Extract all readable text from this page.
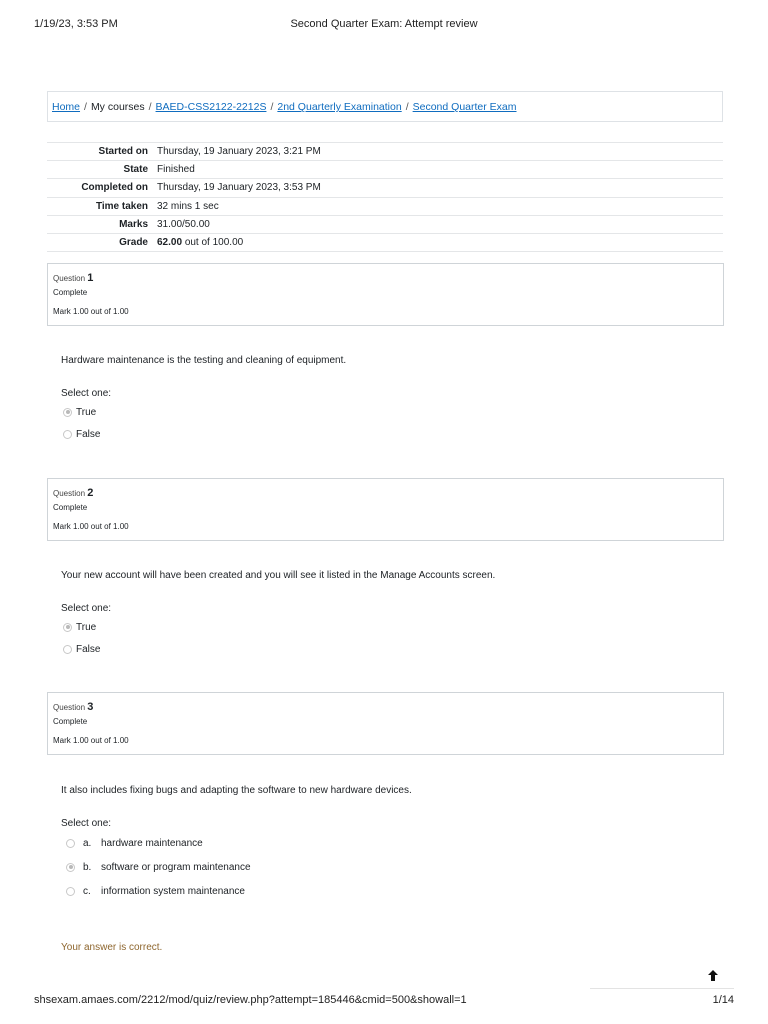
1/19/23, 3:53 PM	Second Quarter Exam: Attempt review
Home / My courses / BAED-CSS2122-2212S / 2nd Quarterly Examination / Second Quarter Exam
Started on	Thursday, 19 January 2023, 3:21 PM
State	Finished
Completed on	Thursday, 19 January 2023, 3:53 PM
Time taken	32 mins 1 sec
Marks	31.00/50.00
Grade	62.00 out of 100.00
Question 1
Complete
Mark 1.00 out of 1.00
Hardware maintenance is the testing and cleaning of equipment.
Select one:
True
False
Question 2
Complete
Mark 1.00 out of 1.00
Your new account will have been created and you will see it listed in the Manage Accounts screen.
Select one:
True
False
Question 3
Complete
Mark 1.00 out of 1.00
It also includes fixing bugs and adapting the software to new hardware devices.
Select one:
a. hardware maintenance
b. software or program maintenance
c.	information system maintenance
Your answer is correct.
shsexam.amaes.com/2212/mod/quiz/review.php?attempt=185446&cmid=500&showall=1	1/14
